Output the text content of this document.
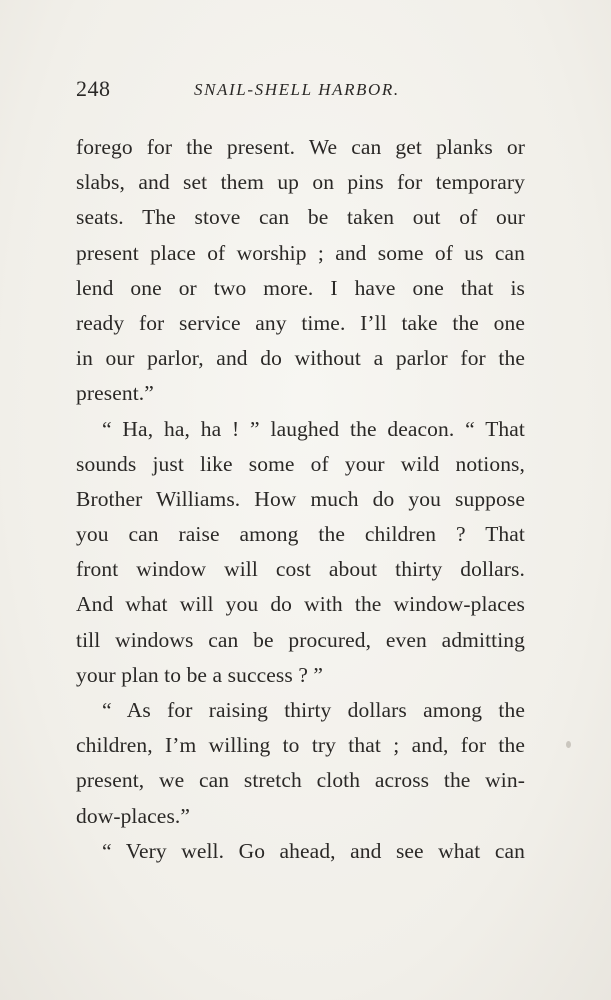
248	SNAIL-SHELL HARBOR.
forego for the present. We can get planks or
slabs, and set them up on pins for temporary
seats. The stove can be taken out of our
present place of worship ; and some of us can
lend one or two more. I have one that is
ready for service any time. I’ll take the one
in our parlor, and do without a parlor for the
present.”
“ Ha, ha, ha ! ” laughed the deacon. “ That
sounds just like some of your wild notions,
Brother Williams. How much do you suppose
you can raise among the children ? That
front window will cost about thirty dollars.
And what will you do with the window-places
till windows can be procured, even admitting
your plan to be a success ? ”
“ As for raising thirty dollars among the
children, I’m willing to try that ; and, for the
present, we can stretch cloth across the win-
dow-places.”
“ Very well. Go ahead, and see what can
